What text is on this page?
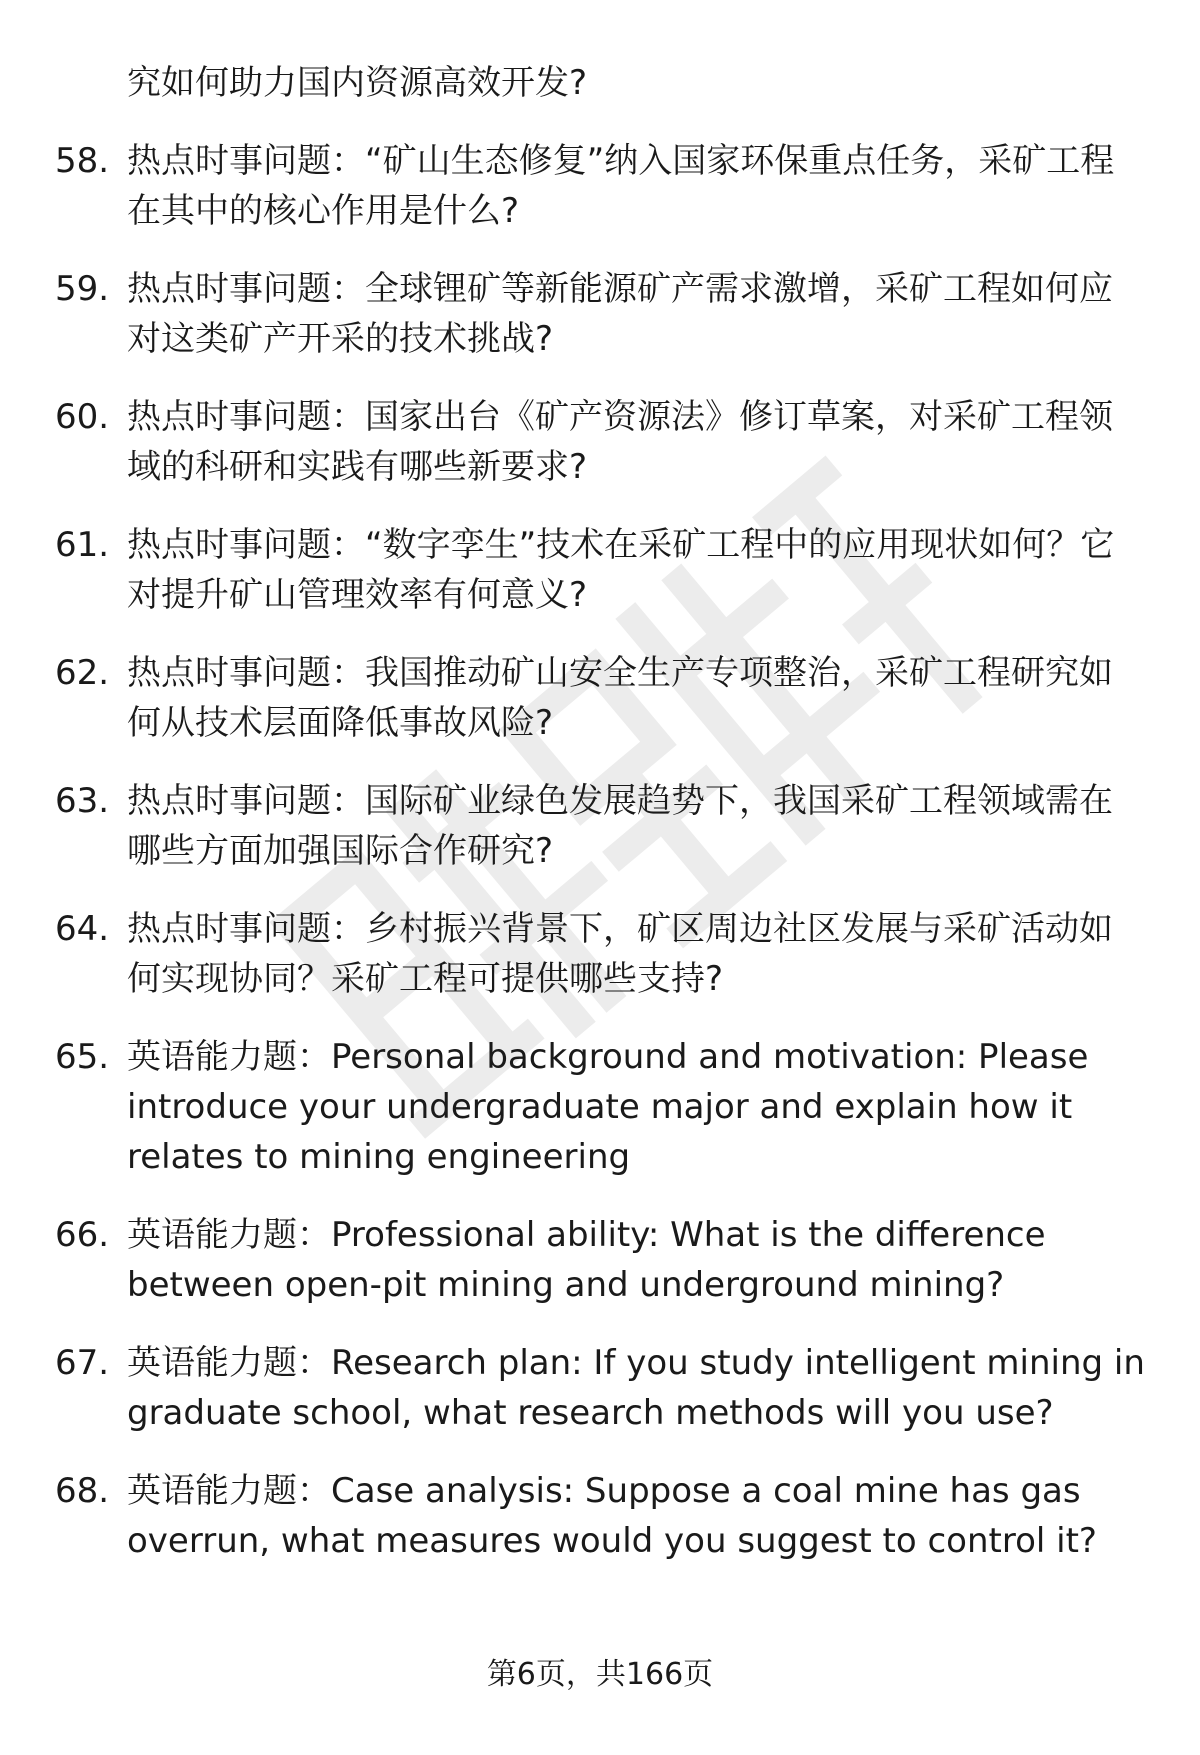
究如何助力国内资源高效开发?
58. 热点时事问题：“矿山生态修复”纳入国家环保重点任务，采矿工程在其中的核心作用是什么?
59. 热点时事问题：全球锂矿等新能源矿产需求激增，采矿工程如何应对这类矿产开采的技术挑战?
60. 热点时事问题：国家出台《矿产资源法》修订草案，对采矿工程领域的科研和实践有哪些新要求?
61. 热点时事问题：“数字孪生”技术在采矿工程中的应用现状如何？它对提升矿山管理效率有何意义?
62. 热点时事问题：我国推动矿山安全生产专项整治，采矿工程研究如何从技术层面降低事故风险?
63. 热点时事问题：国际矿业绿色发展趋势下，我国采矿工程领域需在哪些方面加强国际合作研究?
64. 热点时事问题：乡村振兴背景下，矿区周边社区发展与采矿活动如何实现协同？采矿工程可提供哪些支持?
65. 英语能力题：Personal background and motivation: Please introduce your undergraduate major and explain how it relates to mining engineering
66. 英语能力题：Professional ability: What is the difference between open-pit mining and underground mining?
67. 英语能力题：Research plan: If you study intelligent mining in graduate school, what research methods will you use?
68. 英语能力题：Case analysis: Suppose a coal mine has gas overrun, what measures would you suggest to control it?
第6页，共166页
